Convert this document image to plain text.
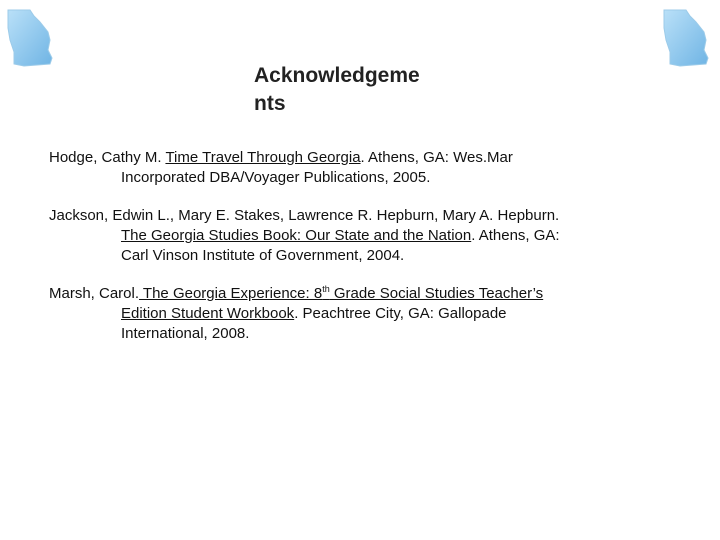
Acknowledgeme
nts
Hodge, Cathy M. Time Travel Through Georgia. Athens, GA: Wes.Mar
Incorporated DBA/Voyager Publications, 2005.
Jackson, Edwin L., Mary E. Stakes, Lawrence R. Hepburn, Mary A. Hepburn.
The Georgia Studies Book: Our State and the Nation. Athens, GA:
Carl Vinson Institute of Government, 2004.
Marsh, Carol. The Georgia Experience: 8th Grade Social Studies Teacher’s
Edition Student Workbook. Peachtree City, GA: Gallopade
International, 2008.
